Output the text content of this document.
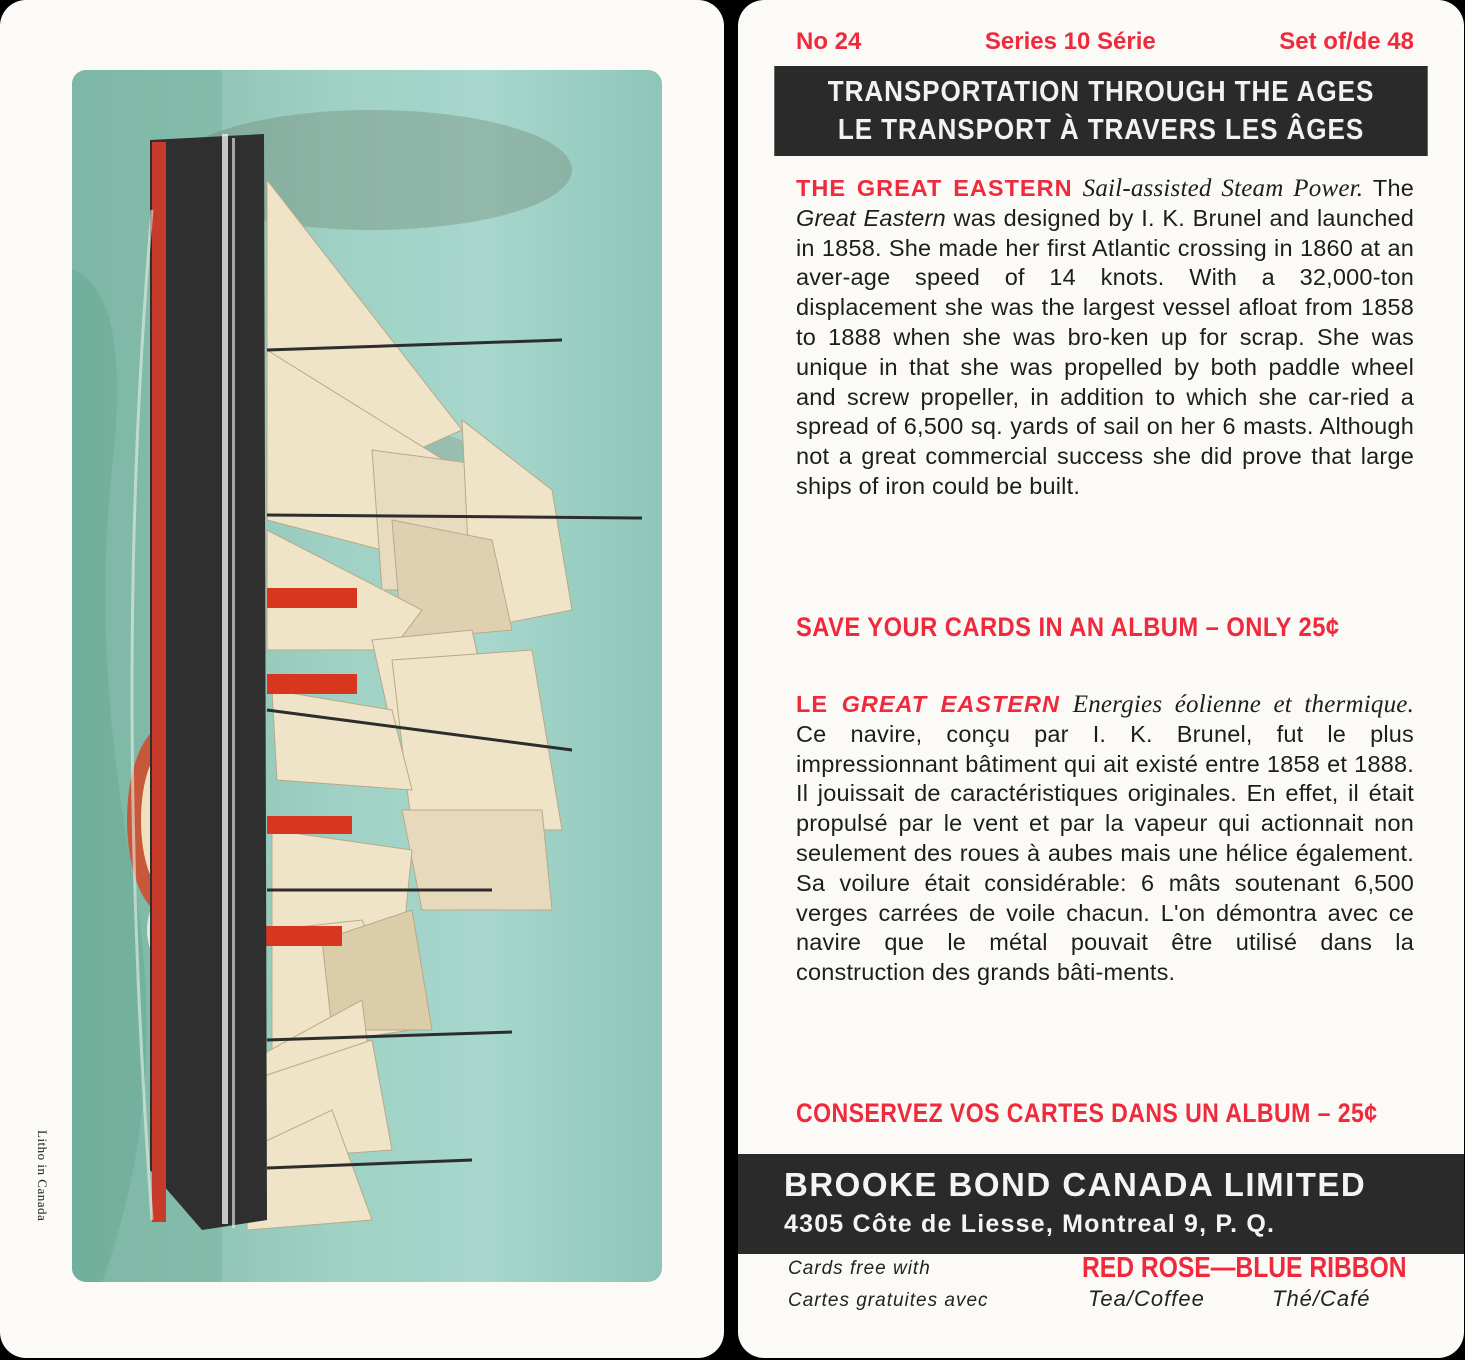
Litho in Canada
No 24	Series 10 Série	Set of/de 48
TRANSPORTATION THROUGH THE AGES
LE TRANSPORT À TRAVERS LES ÂGES
THE GREAT EASTERN Sail-assisted Steam Power. The Great Eastern was designed by I. K. Brunel and launched in 1858. She made her first Atlantic crossing in 1860 at an aver-age speed of 14 knots. With a 32,000-ton displacement she was the largest vessel afloat from 1858 to 1888 when she was bro-ken up for scrap. She was unique in that she was propelled by both paddle wheel and screw propeller, in addition to which she car-ried a spread of 6,500 sq. yards of sail on her 6 masts. Although not a great commercial success she did prove that large ships of iron could be built.
SAVE YOUR CARDS IN AN ALBUM – ONLY 25¢
LE GREAT EASTERN Energies éolienne et thermique. Ce navire, conçu par I. K. Brunel, fut le plus impressionnant bâtiment qui ait existé entre 1858 et 1888. Il jouissait de caractéristiques originales. En effet, il était propulsé par le vent et par la vapeur qui actionnait non seulement des roues à aubes mais une hélice également. Sa voilure était considérable: 6 mâts soutenant 6,500 verges carrées de voile chacun. L'on démontra avec ce navire que le métal pouvait être utilisé dans la construction des grands bâti-ments.
CONSERVEZ VOS CARTES DANS UN ALBUM – 25¢
BROOKE BOND CANADA LIMITED
4305 Côte de Liesse, Montreal 9, P. Q.
Cards free with
Cartes gratuites avec
RED ROSE—BLUE RIBBON
Tea/Coffee	Thé/Café
